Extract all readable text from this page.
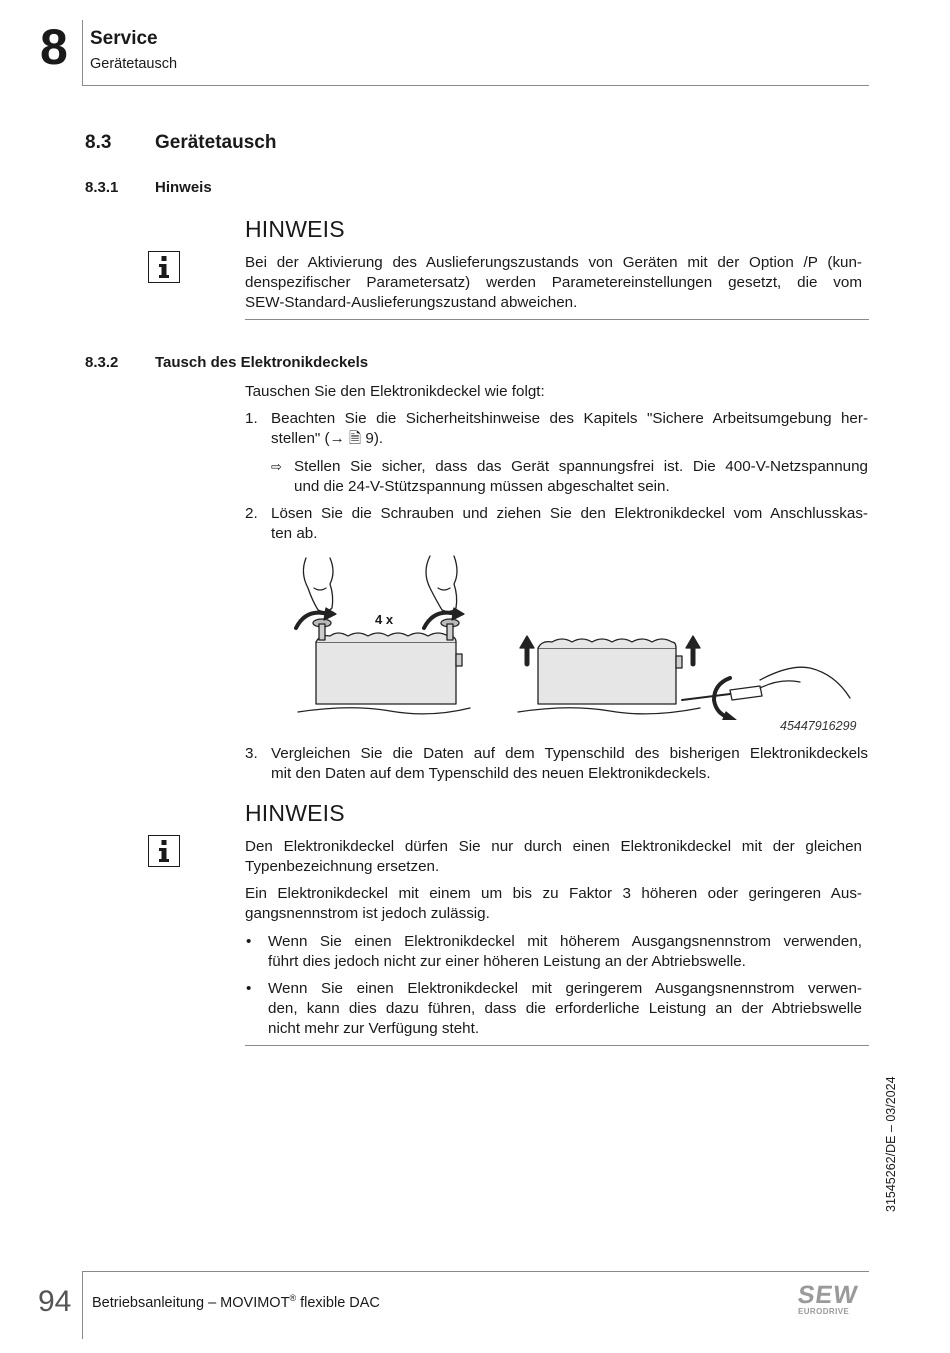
8 Service
Gerätetausch
8.3 Gerätetausch
8.3.1 Hinweis
HINWEIS
Bei der Aktivierung des Auslieferungszustands von Geräten mit der Option /P (kun-
denspezifischer Parametersatz) werden Parametereinstellungen gesetzt, die vom
SEW-Standard-Auslieferungszustand abweichen.
8.3.2 Tausch des Elektronikdeckels
Tauschen Sie den Elektronikdeckel wie folgt:
1. Beachten Sie die Sicherheitshinweise des Kapitels "Sichere Arbeitsumgebung her-
stellen" (→ 🗎 9).
⇨ Stellen Sie sicher, dass das Gerät spannungsfrei ist. Die 400-V-Netzspannung
und die 24-V-Stützspannung müssen abgeschaltet sein.
2. Lösen Sie die Schrauben und ziehen Sie den Elektronikdeckel vom Anschlusskas-
ten ab.
4 x
45447916299
3. Vergleichen Sie die Daten auf dem Typenschild des bisherigen Elektronikdeckels
mit den Daten auf dem Typenschild des neuen Elektronikdeckels.
HINWEIS
Den Elektronikdeckel dürfen Sie nur durch einen Elektronikdeckel mit der gleichen
Typenbezeichnung ersetzen.
Ein Elektronikdeckel mit einem um bis zu Faktor 3 höheren oder geringeren Aus-
gangsnennstrom ist jedoch zulässig.
• Wenn Sie einen Elektronikdeckel mit höherem Ausgangsnennstrom verwenden,
führt dies jedoch nicht zur einer höheren Leistung an der Abtriebswelle.
• Wenn Sie einen Elektronikdeckel mit geringerem Ausgangsnennstrom verwen-
den, kann dies dazu führen, dass die erforderliche Leistung an der Abtriebswelle
nicht mehr zur Verfügung steht.
31545262/DE – 03/2024
94 Betriebsanleitung – MOVIMOT® flexible DAC	SEW
EURODRIVE
